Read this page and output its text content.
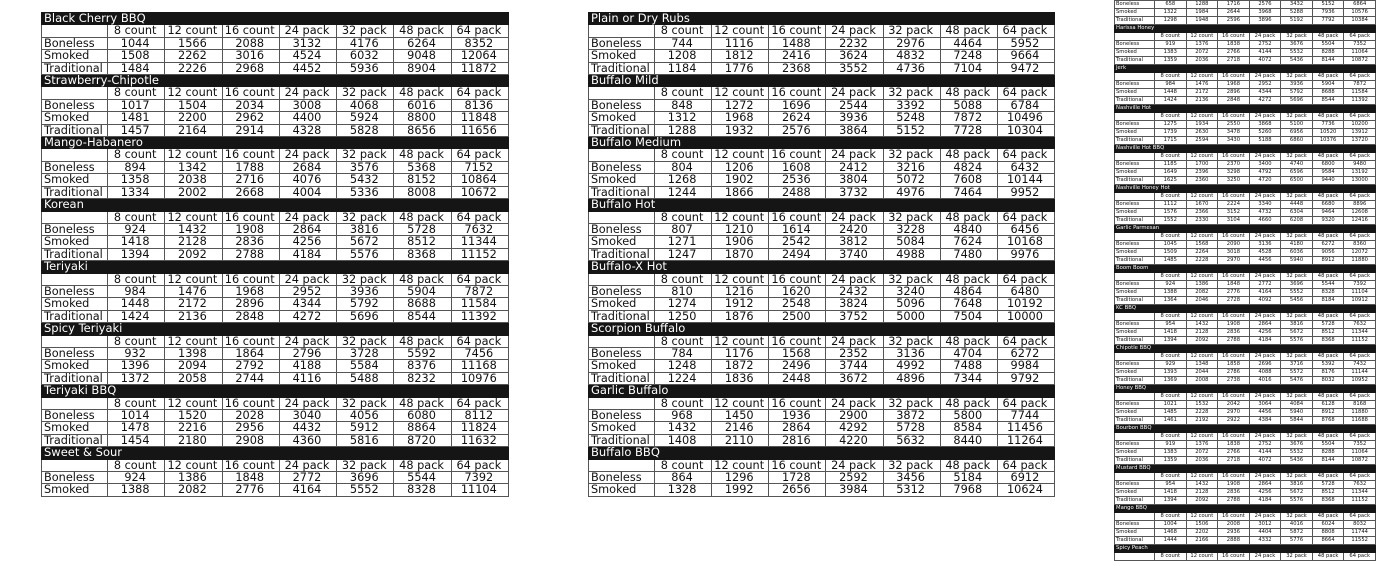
Black Cherry BBQ							
	8 count	12 count	16 count	24 pack	32 pack	48 pack	64 pack
Boneless	1044	1566	2088	3132	4176	6264	8352
Smoked	1508	2262	3016	4524	6032	9048	12064
Traditional	1484	2226	2968	4452	5936	8904	11872
Strawberry-Chipotle							
	8 count	12 count	16 count	24 pack	32 pack	48 pack	64 pack
Boneless	1017	1504	2034	3008	4068	6016	8136
Smoked	1481	2200	2962	4400	5924	8800	11848
Traditional	1457	2164	2914	4328	5828	8656	11656
Mango-Habanero							
	8 count	12 count	16 count	24 pack	32 pack	48 pack	64 pack
Boneless	894	1342	1788	2684	3576	5368	7152
Smoked	1358	2038	2716	4076	5432	8152	10864
Traditional	1334	2002	2668	4004	5336	8008	10672
Korean							
	8 count	12 count	16 count	24 pack	32 pack	48 pack	64 pack
Boneless	924	1432	1908	2864	3816	5728	7632
Smoked	1418	2128	2836	4256	5672	8512	11344
Traditional	1394	2092	2788	4184	5576	8368	11152
Teriyaki							
	8 count	12 count	16 count	24 pack	32 pack	48 pack	64 pack
Boneless	984	1476	1968	2952	3936	5904	7872
Smoked	1448	2172	2896	4344	5792	8688	11584
Traditional	1424	2136	2848	4272	5696	8544	11392
Spicy Teriyaki							
	8 count	12 count	16 count	24 pack	32 pack	48 pack	64 pack
Boneless	932	1398	1864	2796	3728	5592	7456
Smoked	1396	2094	2792	4188	5584	8376	11168
Traditional	1372	2058	2744	4116	5488	8232	10976
Teriyaki BBQ							
	8 count	12 count	16 count	24 pack	32 pack	48 pack	64 pack
Boneless	1014	1520	2028	3040	4056	6080	8112
Smoked	1478	2216	2956	4432	5912	8864	11824
Traditional	1454	2180	2908	4360	5816	8720	11632
Sweet & Sour							
	8 count	12 count	16 count	24 pack	32 pack	48 pack	64 pack
Boneless	924	1386	1848	2772	3696	5544	7392
Smoked	1388	2082	2776	4164	5552	8328	11104
Plain or Dry Rubs							
	8 count	12 count	16 count	24 pack	32 pack	48 pack	64 pack
Boneless	744	1116	1488	2232	2976	4464	5952
Smoked	1208	1812	2416	3624	4832	7248	9664
Traditional	1184	1776	2368	3552	4736	7104	9472
Buffalo Mild							
	8 count	12 count	16 count	24 pack	32 pack	48 pack	64 pack
Boneless	848	1272	1696	2544	3392	5088	6784
Smoked	1312	1968	2624	3936	5248	7872	10496
Traditional	1288	1932	2576	3864	5152	7728	10304
Buffalo Medium							
	8 count	12 count	16 count	24 pack	32 pack	48 pack	64 pack
Boneless	804	1206	1608	2412	3216	4824	6432
Smoked	1268	1902	2536	3804	5072	7608	10144
Traditional	1244	1866	2488	3732	4976	7464	9952
Buffalo Hot							
	8 count	12 count	16 count	24 pack	32 pack	48 pack	64 pack
Boneless	807	1210	1614	2420	3228	4840	6456
Smoked	1271	1906	2542	3812	5084	7624	10168
Traditional	1247	1870	2494	3740	4988	7480	9976
Buffalo-X Hot							
	8 count	12 count	16 count	24 pack	32 pack	48 pack	64 pack
Boneless	810	1216	1620	2432	3240	4864	6480
Smoked	1274	1912	2548	3824	5096	7648	10192
Traditional	1250	1876	2500	3752	5000	7504	10000
Scorpion Buffalo							
	8 count	12 count	16 count	24 pack	32 pack	48 pack	64 pack
Boneless	784	1176	1568	2352	3136	4704	6272
Smoked	1248	1872	2496	3744	4992	7488	9984
Traditional	1224	1836	2448	3672	4896	7344	9792
Garlic Buffalo							
	8 count	12 count	16 count	24 pack	32 pack	48 pack	64 pack
Boneless	968	1450	1936	2900	3872	5800	7744
Smoked	1432	2146	2864	4292	5728	8584	11456
Traditional	1408	2110	2816	4220	5632	8440	11264
Buffalo BBQ							
	8 count	12 count	16 count	24 pack	32 pack	48 pack	64 pack
Boneless	864	1296	1728	2592	3456	5184	6912
Smoked	1328	1992	2656	3984	5312	7968	10624
Boneless	658	1288	1716	2576	3432	5152	6864
Smoked	1322	1984	2644	3968	5288	7936	10576
Traditional	1298	1948	2596	3896	5192	7792	10384
Harissa Honey							
	8 count	12 count	16 count	24 pack	32 pack	48 pack	64 pack
Boneless	919	1376	1838	2752	3676	5504	7352
Smoked	1383	2072	2766	4144	5532	8288	11064
Traditional	1359	2036	2718	4072	5436	8144	10872
Jerk							
	8 count	12 count	16 count	24 pack	32 pack	48 pack	64 pack
Boneless	984	1476	1968	2952	3936	5904	7872
Smoked	1448	2172	2896	4344	5792	8688	11584
Traditional	1424	2136	2848	4272	5696	8544	11392
Nashville Hot							
	8 count	12 count	16 count	24 pack	32 pack	48 pack	64 pack
Boneless	1275	1934	2550	3868	5100	7736	10200
Smoked	1739	2630	3478	5260	6956	10520	13912
Traditional	1715	2594	3430	5188	6860	10376	13720
Nashville Hot BBQ							
	8 count	12 count	16 count	24 pack	32 pack	48 pack	64 pack
Boneless	1185	1700	2370	3400	4740	6800	9480
Smoked	1649	2396	3298	4792	6596	9584	13192
Traditional	1625	2360	3250	4720	6500	9440	13000
Nashville Honey Hot							
	8 count	12 count	16 count	24 pack	32 pack	48 pack	64 pack
Boneless	1112	1670	2224	3340	4448	6680	8896
Smoked	1576	2366	3152	4732	6304	9464	12608
Traditional	1552	2330	3104	4660	6208	9320	12416
Garlic Parmesan							
	8 count	12 count	16 count	24 pack	32 pack	48 pack	64 pack
Boneless	1045	1568	2090	3136	4180	6272	8360
Smoked	1509	2264	3018	4528	6036	9056	12072
Traditional	1485	2228	2970	4456	5940	8912	11880
Boom Boom							
	8 count	12 count	16 count	24 pack	32 pack	48 pack	64 pack
Boneless	924	1386	1848	2772	3696	5544	7392
Smoked	1388	2082	2776	4164	5552	8328	11104
Traditional	1364	2046	2728	4092	5456	8184	10912
KC BBQ							
	8 count	12 count	16 count	24 pack	32 pack	48 pack	64 pack
Boneless	954	1432	1908	2864	3816	5728	7632
Smoked	1418	2128	2836	4256	5672	8512	11344
Traditional	1394	2092	2788	4184	5576	8368	11152
Chipotle BBQ							
	8 count	12 count	16 count	24 pack	32 pack	48 pack	64 pack
Boneless	929	1348	1858	2696	3716	5392	7432
Smoked	1393	2044	2786	4088	5572	8176	11144
Traditional	1369	2008	2738	4016	5476	8032	10952
Honey BBQ							
	8 count	12 count	16 count	24 pack	32 pack	48 pack	64 pack
Boneless	1021	1532	2042	3064	4084	6128	8168
Smoked	1485	2228	2970	4456	5940	8912	11880
Traditional	1461	2192	2922	4384	5844	8768	11688
Bourbon BBQ							
	8 count	12 count	16 count	24 pack	32 pack	48 pack	64 pack
Boneless	919	1376	1838	2752	3676	5504	7352
Smoked	1383	2072	2766	4144	5532	8288	11064
Traditional	1359	2036	2718	4072	5436	8144	10872
Mustard BBQ							
	8 count	12 count	16 count	24 pack	32 pack	48 pack	64 pack
Boneless	954	1432	1908	2864	3816	5728	7632
Smoked	1418	2128	2836	4256	5672	8512	11344
Traditional	1394	2092	2788	4184	5576	8368	11152
Mango BBQ							
	8 count	12 count	16 count	24 pack	32 pack	48 pack	64 pack
Boneless	1004	1506	2008	3012	4016	6024	8032
Smoked	1468	2202	2936	4404	5872	8808	11744
Traditional	1444	2166	2888	4332	5776	8664	11552
Spicy Peach							
	8 count	12 count	16 count	24 pack	32 pack	48 pack	64 pack
